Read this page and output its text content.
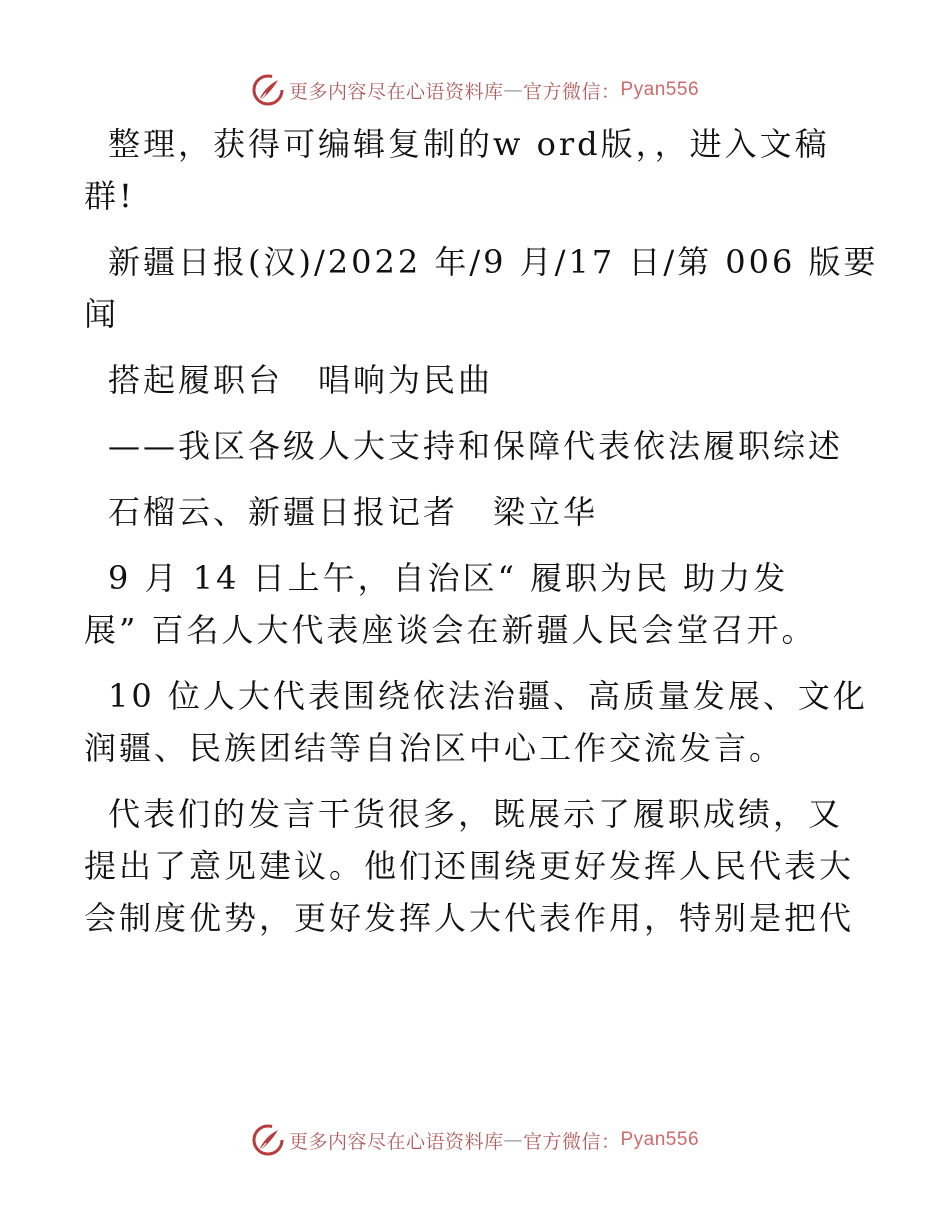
更多内容尽在心语资料库 — 官方微信： Pyan556

整理，获得可编辑复制的w ord版，，进入文稿
群!

新疆日报(汉)/2022 年/9 月/17 日/第 006 版要
闻

搭起履职台　唱响为民曲

——我区各级人大支持和保障代表依法履职综述

石榴云、新疆日报记者　梁立华

9 月 14 日上午，自治区“ 履职为民 助力发
展” 百名人大代表座谈会在新疆人民会堂召开。

10 位人大代表围绕依法治疆、高质量发展、文化
润疆、民族团结等自治区中心工作交流发言。

代表们的发言干货很多，既展示了履职成绩，又
提出了意见建议。他们还围绕更好发挥人民代表大
会制度优势，更好发挥人大代表作用，特别是把代

更多内容尽在心语资料库 — 官方微信： Pyan556
